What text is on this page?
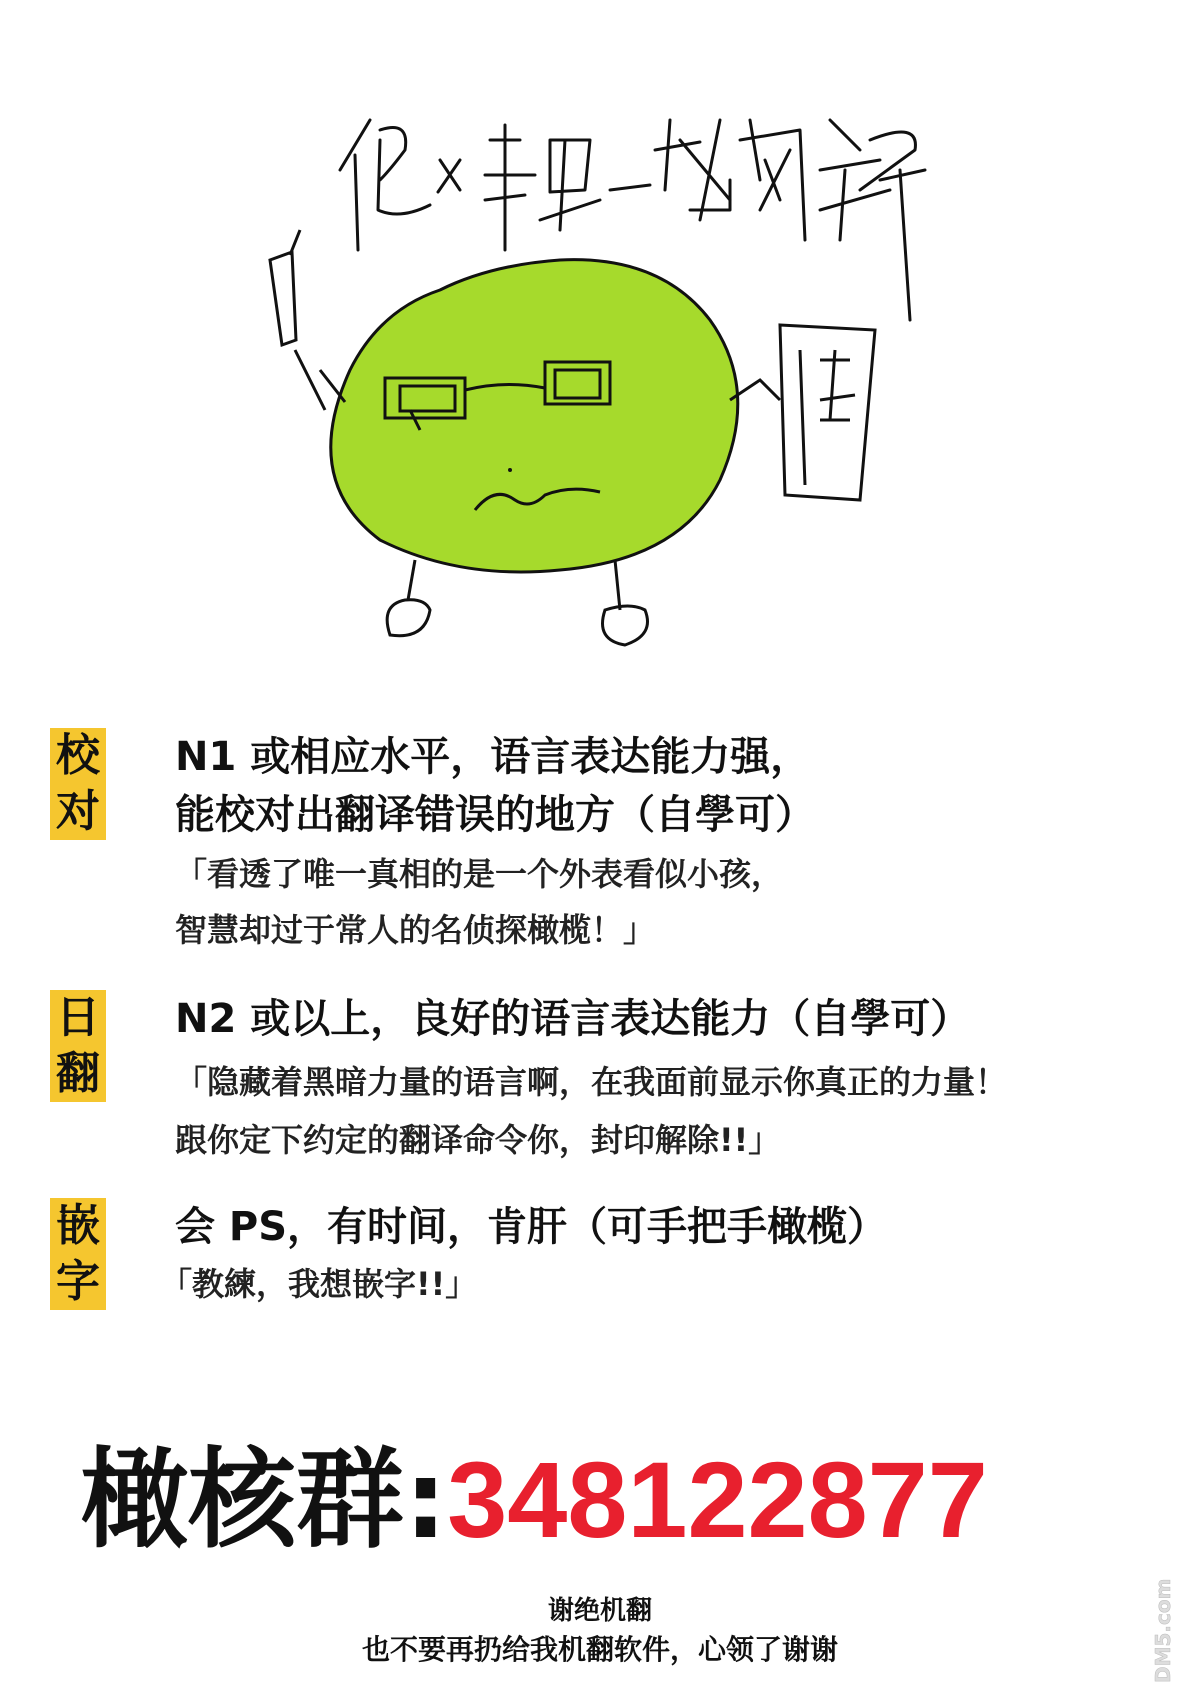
校对
N1 或相应水平，语言表达能力强，
能校对出翻译错误的地方（自學可）
「看透了唯一真相的是一个外表看似小孩，
智慧却过于常人的名侦探橄榄！」
日翻
N2 或以上，良好的语言表达能力（自學可）
「隐藏着黑暗力量的语言啊，在我面前显示你真正的力量！
跟你定下约定的翻译命令你，封印解除!!」
嵌字
会 PS，有时间，肯肝（可手把手橄榄）
「教練，我想嵌字!!」
橄核群:348122877
谢绝机翻
也不要再扔给我机翻软件，心领了谢谢	DM5.com
